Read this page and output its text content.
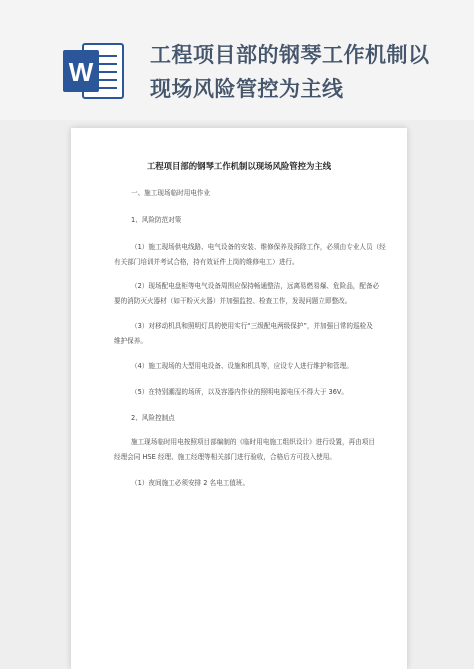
W
工程项目部的钢琴工作机制以
现场风险管控为主线
工程项目部的钢琴工作机制以现场风险管控为主线
一、施工现场临时用电作业
1、风险防范对策
（1）施工现场供电线路、电气设备的安装、维修保养及拆除工作，必须由专业人员（经
有关部门培训并考试合格，持有效证件上岗的维修电工）进行。
（2）现场配电盘柜等电气设备周围应保持畅通整洁，远离易燃易爆、危险品，配备必
要的消防灭火器材（如干粉灭火器）并加强监控、检查工作，发现问题立即整改。
（3）对移动机具和照明灯具的使用实行“三级配电两级保护”，并加强日常的巡检及
维护保养。
（4）施工现场的大型用电设备、设施和机具等，应设专人进行维护和管理。
（5）在特别潮湿的场所，以及容器内作业的照明电源电压不得大于 36V。
2、风险控制点
施工现场临时用电按照项目部编制的《临时用电施工组织设计》进行设置，再由项目
经理会同 HSE 经理、施工经理等相关部门进行验收，合格后方可投入使用。
（1）夜间施工必须安排 2 名电工值班。
